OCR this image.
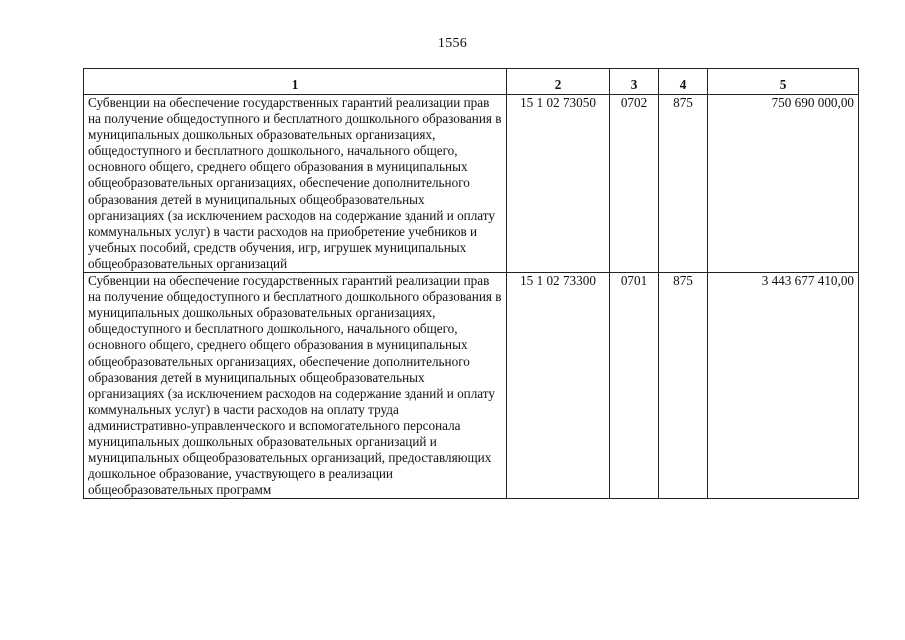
1556
1	2	3	4	5
Субвенции на обеспечение государственных гарантий реализации прав на получение общедоступного и бесплатного дошкольного образования в муниципальных дошкольных образовательных организациях, общедоступного и бесплатного дошкольного, начального общего, основного общего, среднего общего образования в муниципальных общеобразовательных организациях, обеспечение дополнительного образования детей в муниципальных общеобразовательных организациях (за исключением расходов на содержание зданий и оплату коммунальных услуг) в части расходов на приобретение учебников и учебных пособий, средств обучения, игр, игрушек муниципальных общеобразовательных организаций	15 1 02 73050	0702	875	750 690 000,00
Субвенции на обеспечение государственных гарантий реализации прав на получение общедоступного и бесплатного дошкольного образования в муниципальных дошкольных образовательных организациях, общедоступного и бесплатного дошкольного, начального общего, основного общего, среднего общего образования в муниципальных общеобразовательных организациях, обеспечение дополнительного образования детей в муниципальных общеобразовательных организациях (за исключением расходов на содержание зданий и оплату коммунальных услуг) в части расходов на оплату труда административно-управленческого и вспомогательного персонала муниципальных дошкольных образовательных организаций и муниципальных общеобразовательных организаций, предоставляющих дошкольное образование, участвующего в реализации общеобразовательных программ	15 1 02 73300	0701	875	3 443 677 410,00
